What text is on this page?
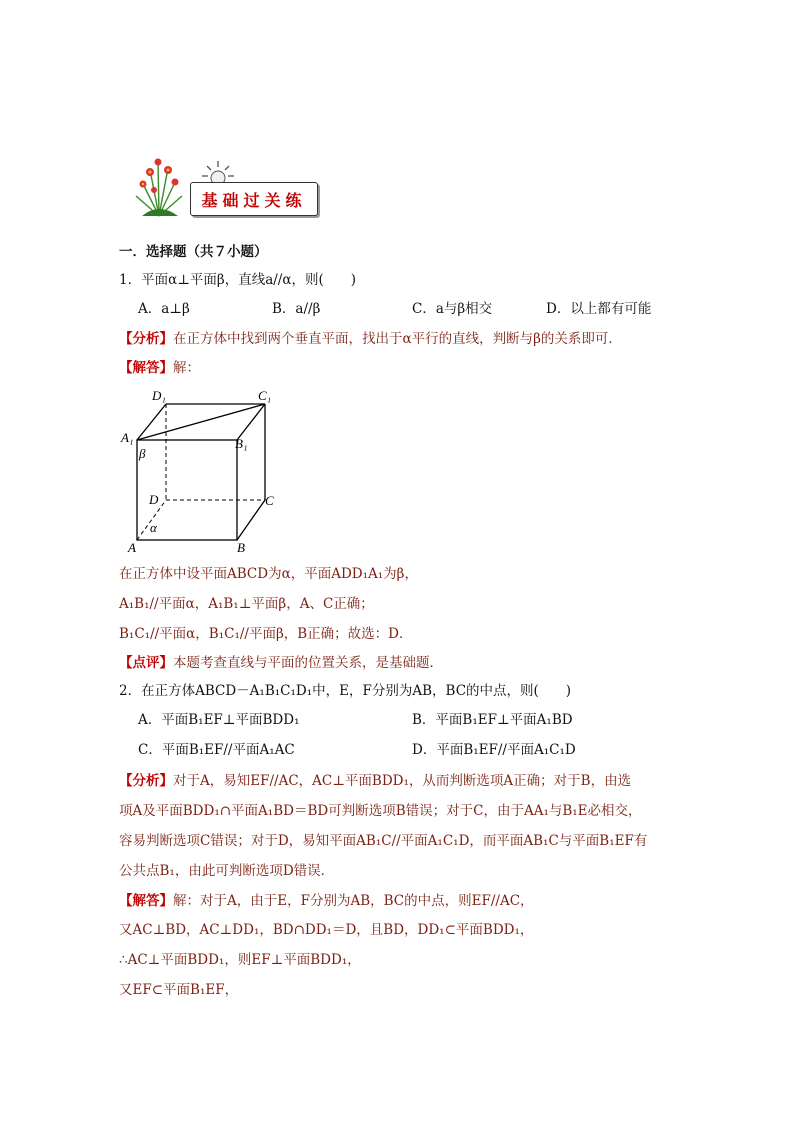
基础过关练
一．选择题（共７小题）
1．平面α⊥平面β，直线a//α，则(　　)
A．a⊥β	B．a//β	C．a与β相交	D．以上都有可能
【分析】在正方体中找到两个垂直平面，找出于α平行的直线，判断与β的关系即可．
【解答】解：
D₁	C₁
A₁	B₁
β
D	C
α
A	B
在正方体中设平面ABCD为α，平面ADD₁A₁为β，
A₁B₁//平面α，A₁B₁⊥平面β，A、C正确；
B₁C₁//平面α，B₁C₁//平面β，B正确；故选：D．
【点评】本题考查直线与平面的位置关系，是基础题．
2．在正方体ABCD－A₁B₁C₁D₁中，E，F分别为AB，BC的中点，则(　　)
A．平面B₁EF⊥平面BDD₁	B．平面B₁EF⊥平面A₁BD
C．平面B₁EF//平面A₁AC	D．平面B₁EF//平面A₁C₁D
【分析】对于A，易知EF//AC，AC⊥平面BDD₁，从而判断选项A正确；对于B，由选
项A及平面BDD₁∩平面A₁BD＝BD可判断选项B错误；对于C，由于AA₁与B₁E必相交，
容易判断选项C错误；对于D，易知平面AB₁C//平面A₁C₁D，而平面AB₁C与平面B₁EF有
公共点B₁，由此可判断选项D错误．
【解答】解：对于A，由于E，F分别为AB，BC的中点，则EF//AC，
又AC⊥BD，AC⊥DD₁，BD∩DD₁＝D，且BD，DD₁⊂平面BDD₁，
∴AC⊥平面BDD₁，则EF⊥平面BDD₁，
又EF⊂平面B₁EF，
